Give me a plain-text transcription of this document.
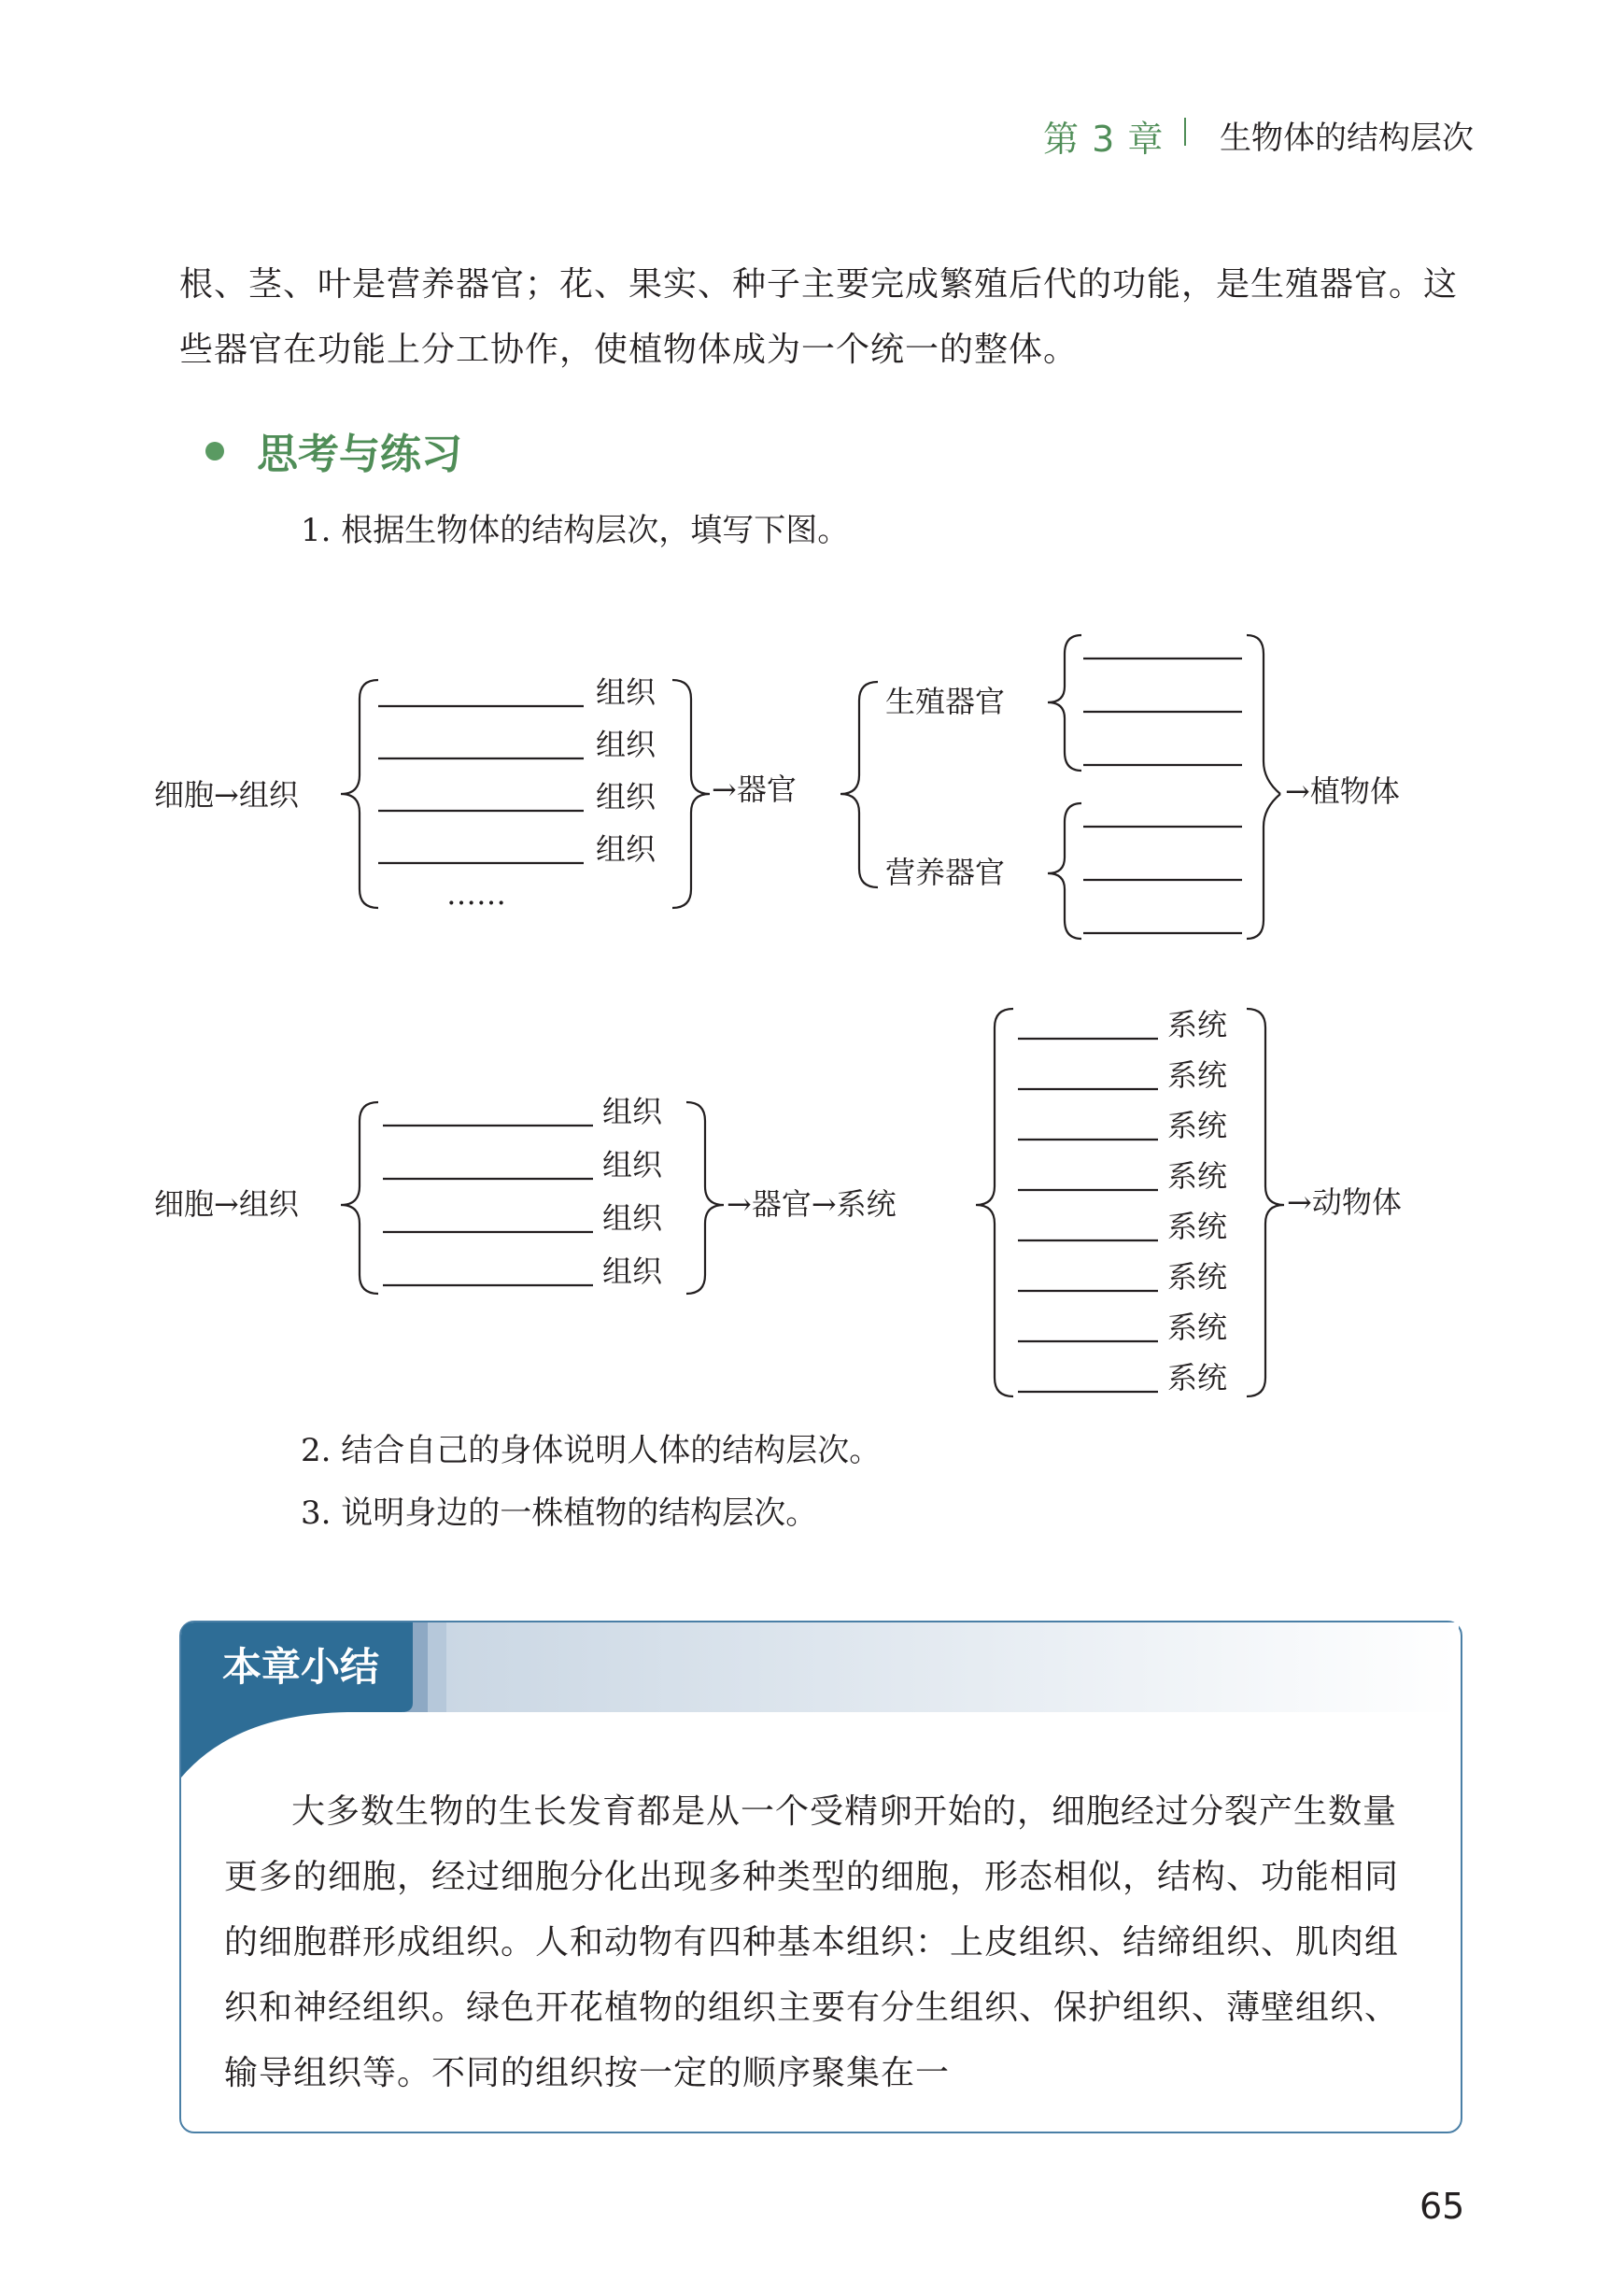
第 3 章 生物体的结构层次
根、茎、叶是营养器官；花、果实、种子主要完成繁殖后代的功能，是生殖器官。这些器官在功能上分工协作，使植物体成为一个统一的整体。
思考与练习
1. 根据生物体的结构层次，填写下图。
细胞→组织
组织
组织
组织
组织
……
→器官
生殖器官
营养器官
→植物体
细胞→组织
组织
组织
组织
组织
→器官→系统
系统
系统
系统
系统
系统
系统
系统
系统
→动物体
2. 结合自己的身体说明人体的结构层次。
3. 说明身边的一株植物的结构层次。
本章小结

大多数生物的生长发育都是从一个受精卵开始的，细胞经过分裂产生数量更多的细胞，经过细胞分化出现多种类型的细胞，形态相似，结构、功能相同的细胞群形成组织。人和动物有四种基本组织：上皮组织、结缔组织、肌肉组织和神经组织。绿色开花植物的组织主要有分生组织、保护组织、薄壁组织、输导组织等。不同的组织按一定的顺序聚集在一

65
